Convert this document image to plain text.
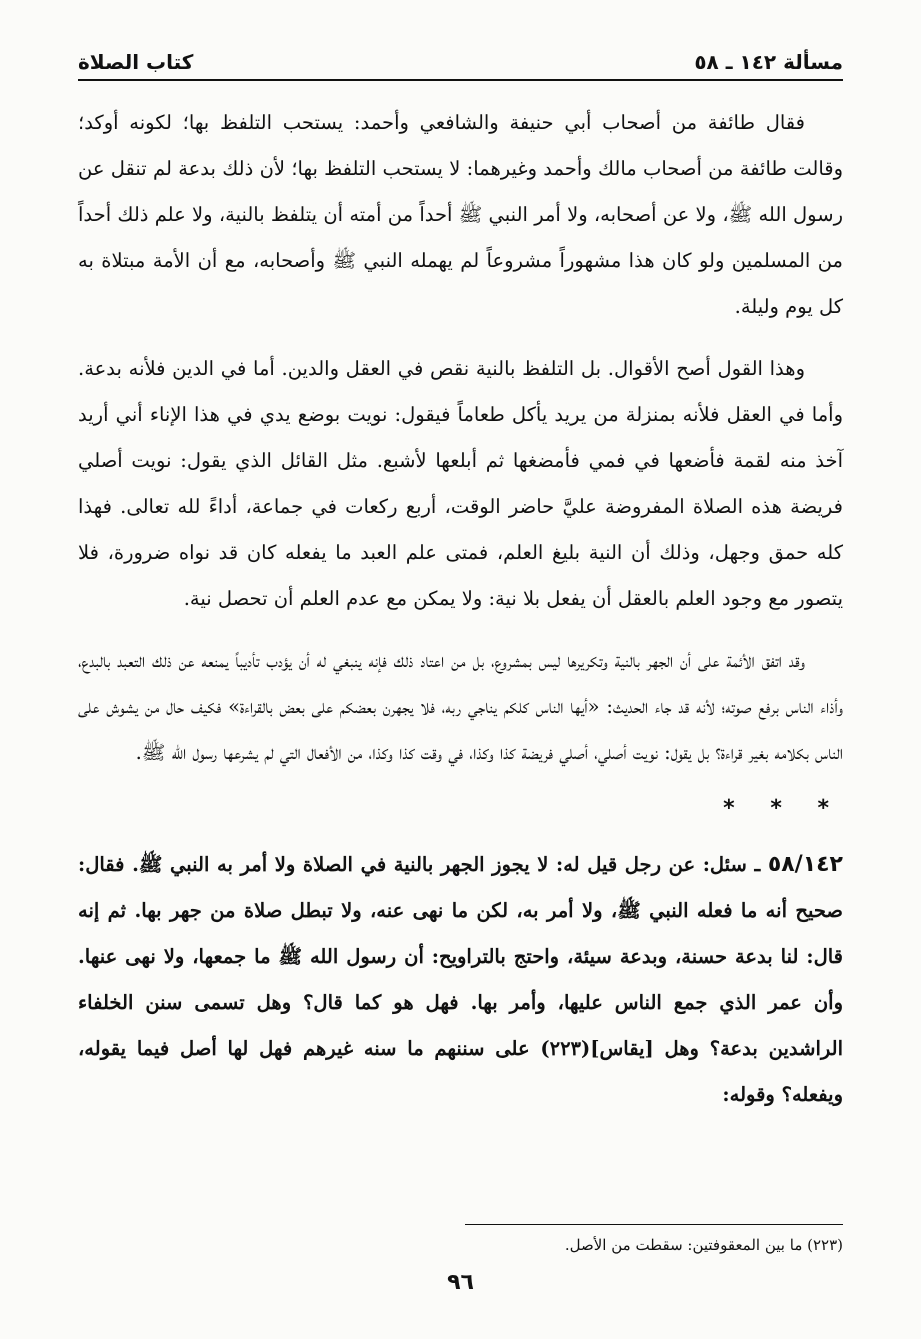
كتاب الصلاة	مسألة ١٤٢ ـ ٥٨

فقال طائفة من أصحاب أبي حنيفة والشافعي وأحمد: يستحب التلفظ بها؛ لكونه أوكد؛ وقالت طائفة من أصحاب مالك وأحمد وغيرهما: لا يستحب التلفظ بها؛ لأن ذلك بدعة لم تنقل عن رسول الله ﷺ، ولا عن أصحابه، ولا أمر النبي ﷺ أحداً من أمته أن يتلفظ بالنية، ولا علم ذلك أحداً من المسلمين ولو كان هذا مشهوراً مشروعاً لم يهمله النبي ﷺ وأصحابه، مع أن الأمة مبتلاة به كل يوم وليلة.

وهذا القول أصح الأقوال. بل التلفظ بالنية نقص في العقل والدين. أما في الدين فلأنه بدعة. وأما في العقل فلأنه بمنزلة من يريد يأكل طعاماً فيقول: نويت بوضع يدي في هذا الإناء أني أريد آخذ منه لقمة فأضعها في فمي فأمضغها ثم أبلعها لأشبع. مثل القائل الذي يقول: نويت أصلي فريضة هذه الصلاة المفروضة عليَّ حاضر الوقت، أربع ركعات في جماعة، أداءً لله تعالى. فهذا كله حمق وجهل، وذلك أن النية بليغ العلم، فمتى علم العبد ما يفعله كان قد نواه ضرورة، فلا يتصور مع وجود العلم بالعقل أن يفعل بلا نية: ولا يمكن مع عدم العلم أن تحصل نية.

وقد اتفق الأئمة على أن الجهر بالنية وتكريرها ليس بمشروع، بل من اعتاد ذلك فإنه ينبغي له أن يؤدب تأديباً يمنعه عن ذلك التعبد بالبدع، وأذاء الناس برفع صوته؛ لأنه قد جاء الحديث: «أيها الناس كلكم يناجي ربه، فلا يجهرن بعضكم على بعض بالقراءة» فكيف حال من يشوش على الناس بكلامه بغير قراءة؟ بل يقول: نويت أصلي، أصلي فريضة كذا وكذا، في وقت كذا وكذا، من الأفعال التي لم يشرعها رسول الله ﷺ.

* * *

٥٨/١٤٢ ـ سئل: عن رجل قيل له: لا يجوز الجهر بالنية في الصلاة ولا أمر به النبي ﷺ. فقال: صحيح أنه ما فعله النبي ﷺ، ولا أمر به، لكن ما نهى عنه، ولا تبطل صلاة من جهر بها. ثم إنه قال: لنا بدعة حسنة، وبدعة سيئة، واحتج بالتراويح: أن رسول الله ﷺ ما جمعها، ولا نهى عنها. وأن عمر الذي جمع الناس عليها، وأمر بها. فهل هو كما قال؟ وهل تسمى سنن الخلفاء الراشدين بدعة؟ وهل [يقاس](٢٢٣) على سننهم ما سنه غيرهم فهل لها أصل فيما يقوله، ويفعله؟ وقوله:

(٢٢٣) ما بين المعقوفتين: سقطت من الأصل.
٩٦
